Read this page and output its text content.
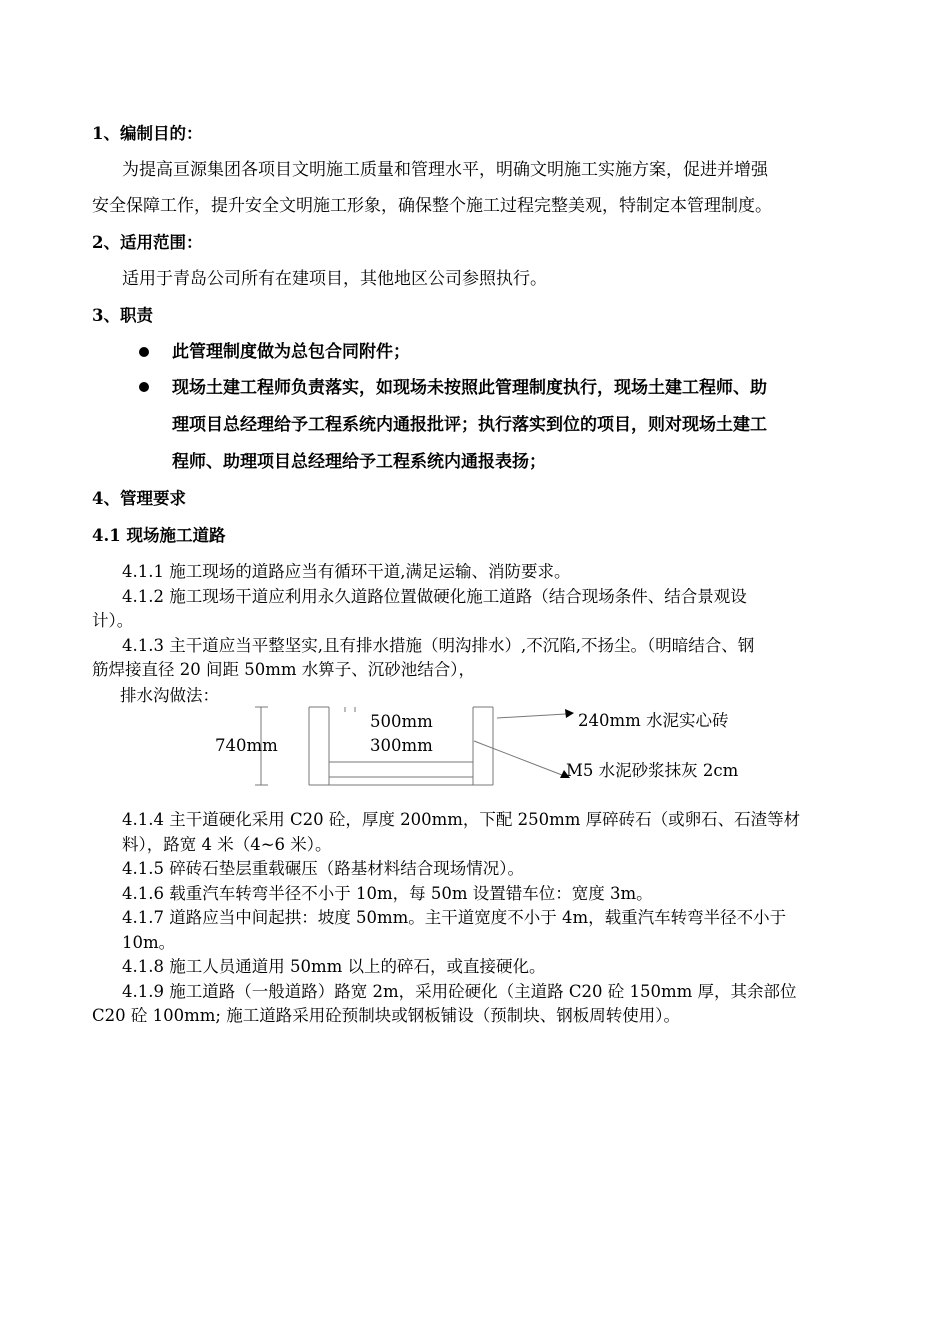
1、编制目的：
为提高亘源集团各项目文明施工质量和管理水平，明确文明施工实施方案，促进并增强
安全保障工作，提升安全文明施工形象，确保整个施工过程完整美观，特制定本管理制度。
2、适用范围：
适用于青岛公司所有在建项目，其他地区公司参照执行。
3、职责
此管理制度做为总包合同附件；
现场土建工程师负责落实，如现场未按照此管理制度执行，现场土建工程师、助
理项目总经理给予工程系统内通报批评；执行落实到位的项目，则对现场土建工
程师、助理项目总经理给予工程系统内通报表扬；
4、管理要求
4.1 现场施工道路
4.1.1 施工现场的道路应当有循环干道,满足运输、消防要求。
4.1.2 施工现场干道应利用永久道路位置做硬化施工道路（结合现场条件、结合景观设
计）。
4.1.3 主干道应当平整坚实,且有排水措施（明沟排水）,不沉陷,不扬尘。（明暗结合、钢
筋焊接直径 20 间距 50mm 水箅子、沉砂池结合），
排水沟做法：
740mm
500mm
300mm
240mm 水泥实心砖
M5 水泥砂浆抹灰 2cm
4.1.4 主干道硬化采用 C20 砼，厚度 200mm，下配 250mm 厚碎砖石（或卵石、石渣等材
料），路宽 4 米（4~6 米）。
4.1.5 碎砖石垫层重载碾压（路基材料结合现场情况）。
4.1.6 载重汽车转弯半径不小于 10m，每 50m 设置错车位：宽度 3m。
4.1.7 道路应当中间起拱：坡度 50mm。主干道宽度不小于 4m，载重汽车转弯半径不小于
10m。
4.1.8 施工人员通道用 50mm 以上的碎石，或直接硬化。
4.1.9 施工道路（一般道路）路宽 2m，采用砼硬化（主道路 C20 砼 150mm 厚，其余部位
C20 砼 100mm; 施工道路采用砼预制块或钢板铺设（预制块、钢板周转使用）。
